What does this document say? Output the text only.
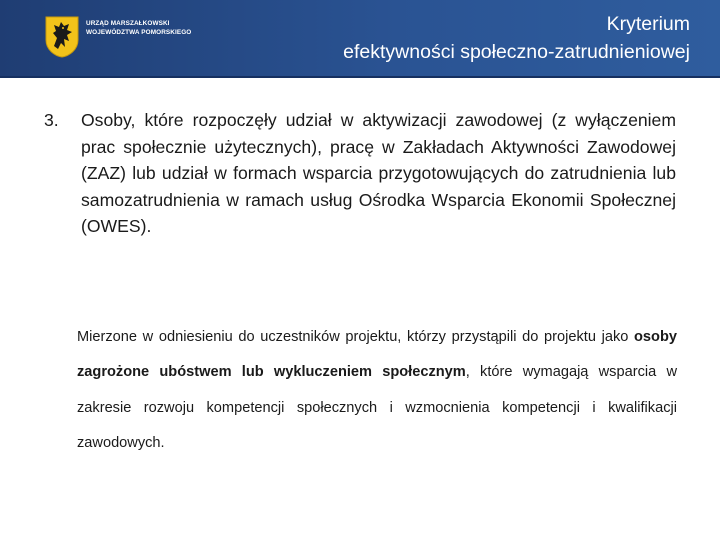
URZĄD MARSZAŁKOWSKI
WOJEWÓDZTWA POMORSKIEGO	Kryterium
efektywności społeczno-zatrudnieniowej
3. Osoby, które rozpoczęły udział w aktywizacji zawodowej (z wyłączeniem prac społecznie użytecznych), pracę w Zakładach Aktywności Zawodowej (ZAZ) lub udział w formach wsparcia przygotowujących do zatrudnienia lub samozatrudnienia w ramach usług Ośrodka Wsparcia Ekonomii Społecznej (OWES).
Mierzone w odniesieniu do uczestników projektu, którzy przystąpili do projektu jako osoby zagrożone ubóstwem lub wykluczeniem społecznym, które wymagają wsparcia w zakresie rozwoju kompetencji społecznych i wzmocnienia kompetencji i kwalifikacji zawodowych.
